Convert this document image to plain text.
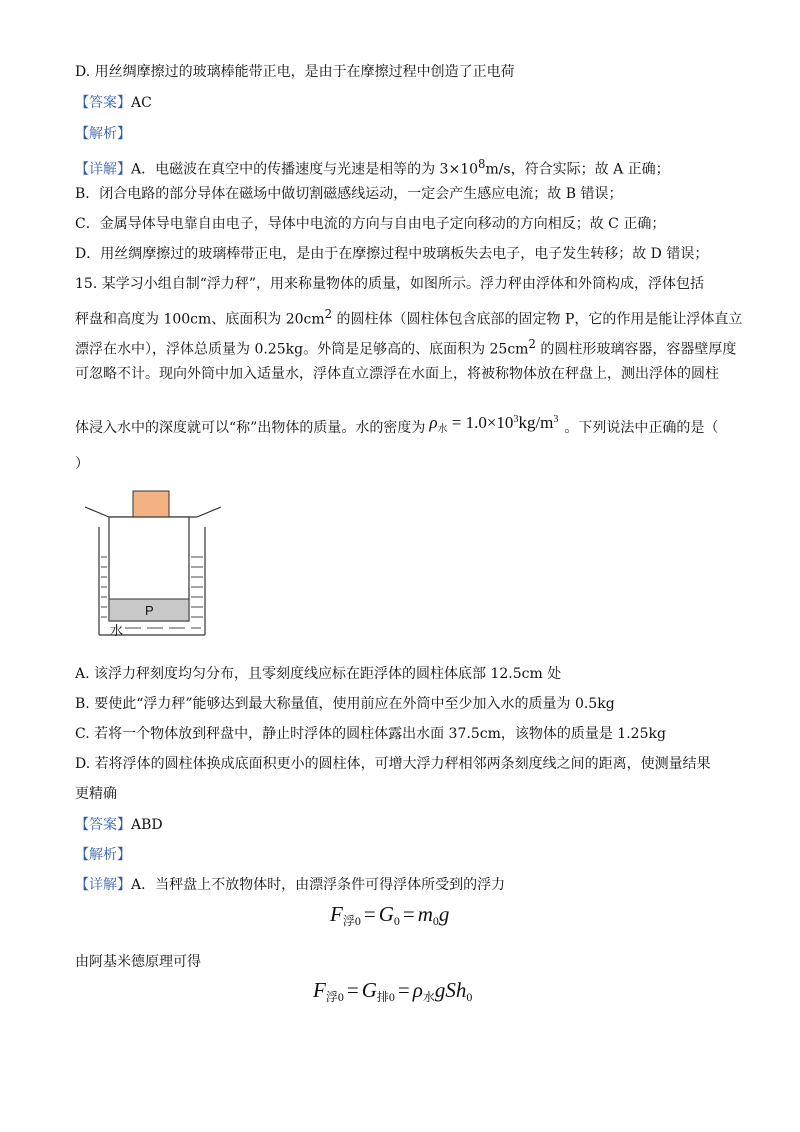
D. 用丝绸摩擦过的玻璃棒能带正电，是由于在摩擦过程中创造了正电荷
【答案】AC
【解析】
【详解】A．电磁波在真空中的传播速度与光速是相等的为 $3\times 10^8m/s$，符合实际；故 A 正确；
B．闭合电路的部分导体在磁场中做切割磁感线运动，一定会产生感应电流；故 B 错误；
C．金属导体导电靠自由电子，导体中电流的方向与自由电子定向移动的方向相反；故 C 正确；
D．用丝绸摩擦过的玻璃棒带正电，是由于在摩擦过程中玻璃板失去电子，电子发生转移；故 D 错误；
15. 某学习小组自制“浮力秤”，用来称量物体的质量，如图所示。浮力秤由浮体和外筒构成，浮体包括
秤盘和高度为 100cm、底面积为 $20cm^2$ 的圆柱体（圆柱体包含底部的固定物 P，它的作用是能让浮体直立
漂浮在水中），浮体总质量为 0.25kg。外筒是足够高的、底面积为 $25cm^2$ 的圆柱形玻璃容器，容器壁厚度
可忽略不计。现向外筒中加入适量水，浮体直立漂浮在水面上，将被称物体放在秤盘上，测出浮体的圆柱
体浸入水中的深度就可以“称”出物体的质量。水的密度为 $\rho_水 = 1.0\times 10^3kg/m^3$。下列说法中正确的是（
）
P
水
A. 该浮力秤刻度均匀分布，且零刻度线应标在距浮体的圆柱体底部 12.5cm 处
B. 要使此“浮力秤”能够达到最大称量值，使用前应在外筒中至少加入水的质量为 0.5kg
C. 若将一个物体放到秤盘中，静止时浮体的圆柱体露出水面 37.5cm，该物体的质量是 1.25kg
D. 若将浮体的圆柱体换成底面积更小的圆柱体，可增大浮力秤相邻两条刻度线之间的距离，使测量结果
更精确
【答案】ABD
【解析】
【详解】A．当秤盘上不放物体时，由漂浮条件可得浮体所受到的浮力
$F_{浮0} = G_0 = m_0g$
由阿基米德原理可得
$F_{浮0} = G_{排0} = \rho_水gSh_0$
